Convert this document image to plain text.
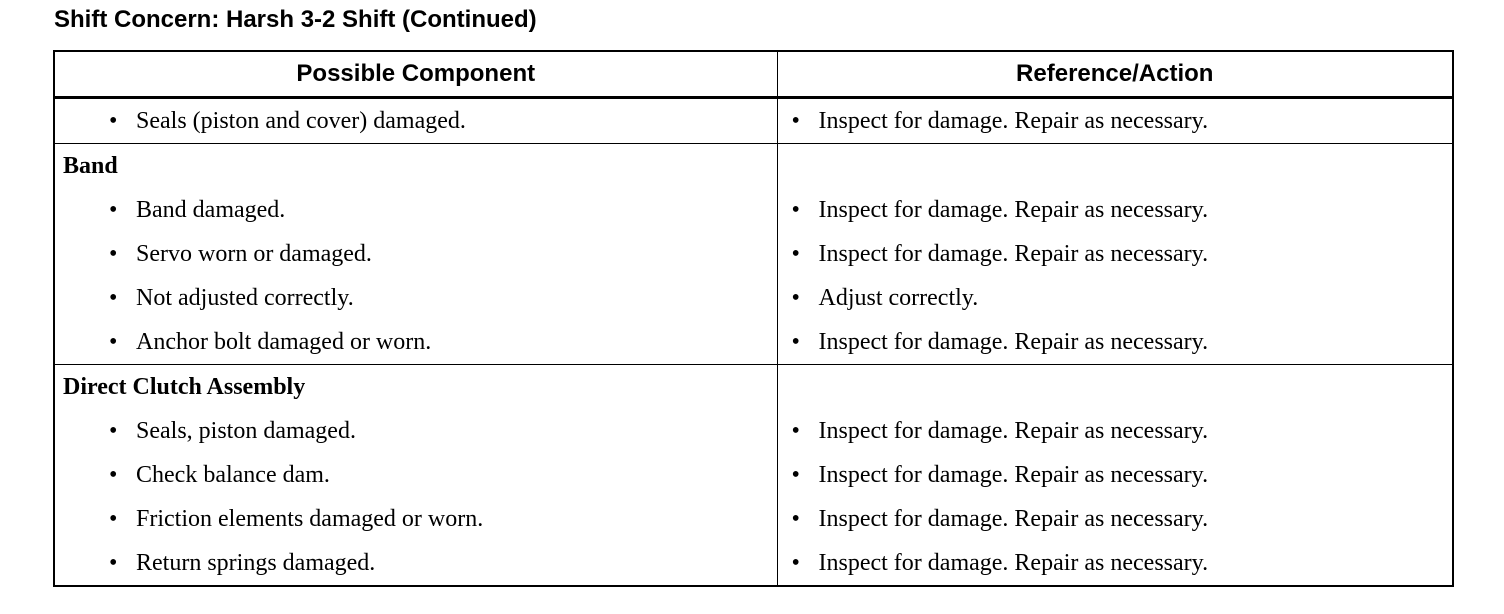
Shift Concern: Harsh 3-2 Shift (Continued)
Possible Component	Reference/Action
• Seals (piston and cover) damaged.	• Inspect for damage. Repair as necessary.
Band	
• Band damaged.	• Inspect for damage. Repair as necessary.
• Servo worn or damaged.	• Inspect for damage. Repair as necessary.
• Not adjusted correctly.	• Adjust correctly.
• Anchor bolt damaged or worn.	• Inspect for damage. Repair as necessary.
Direct Clutch Assembly	
• Seals, piston damaged.	• Inspect for damage. Repair as necessary.
• Check balance dam.	• Inspect for damage. Repair as necessary.
• Friction elements damaged or worn.	• Inspect for damage. Repair as necessary.
• Return springs damaged.	• Inspect for damage. Repair as necessary.
